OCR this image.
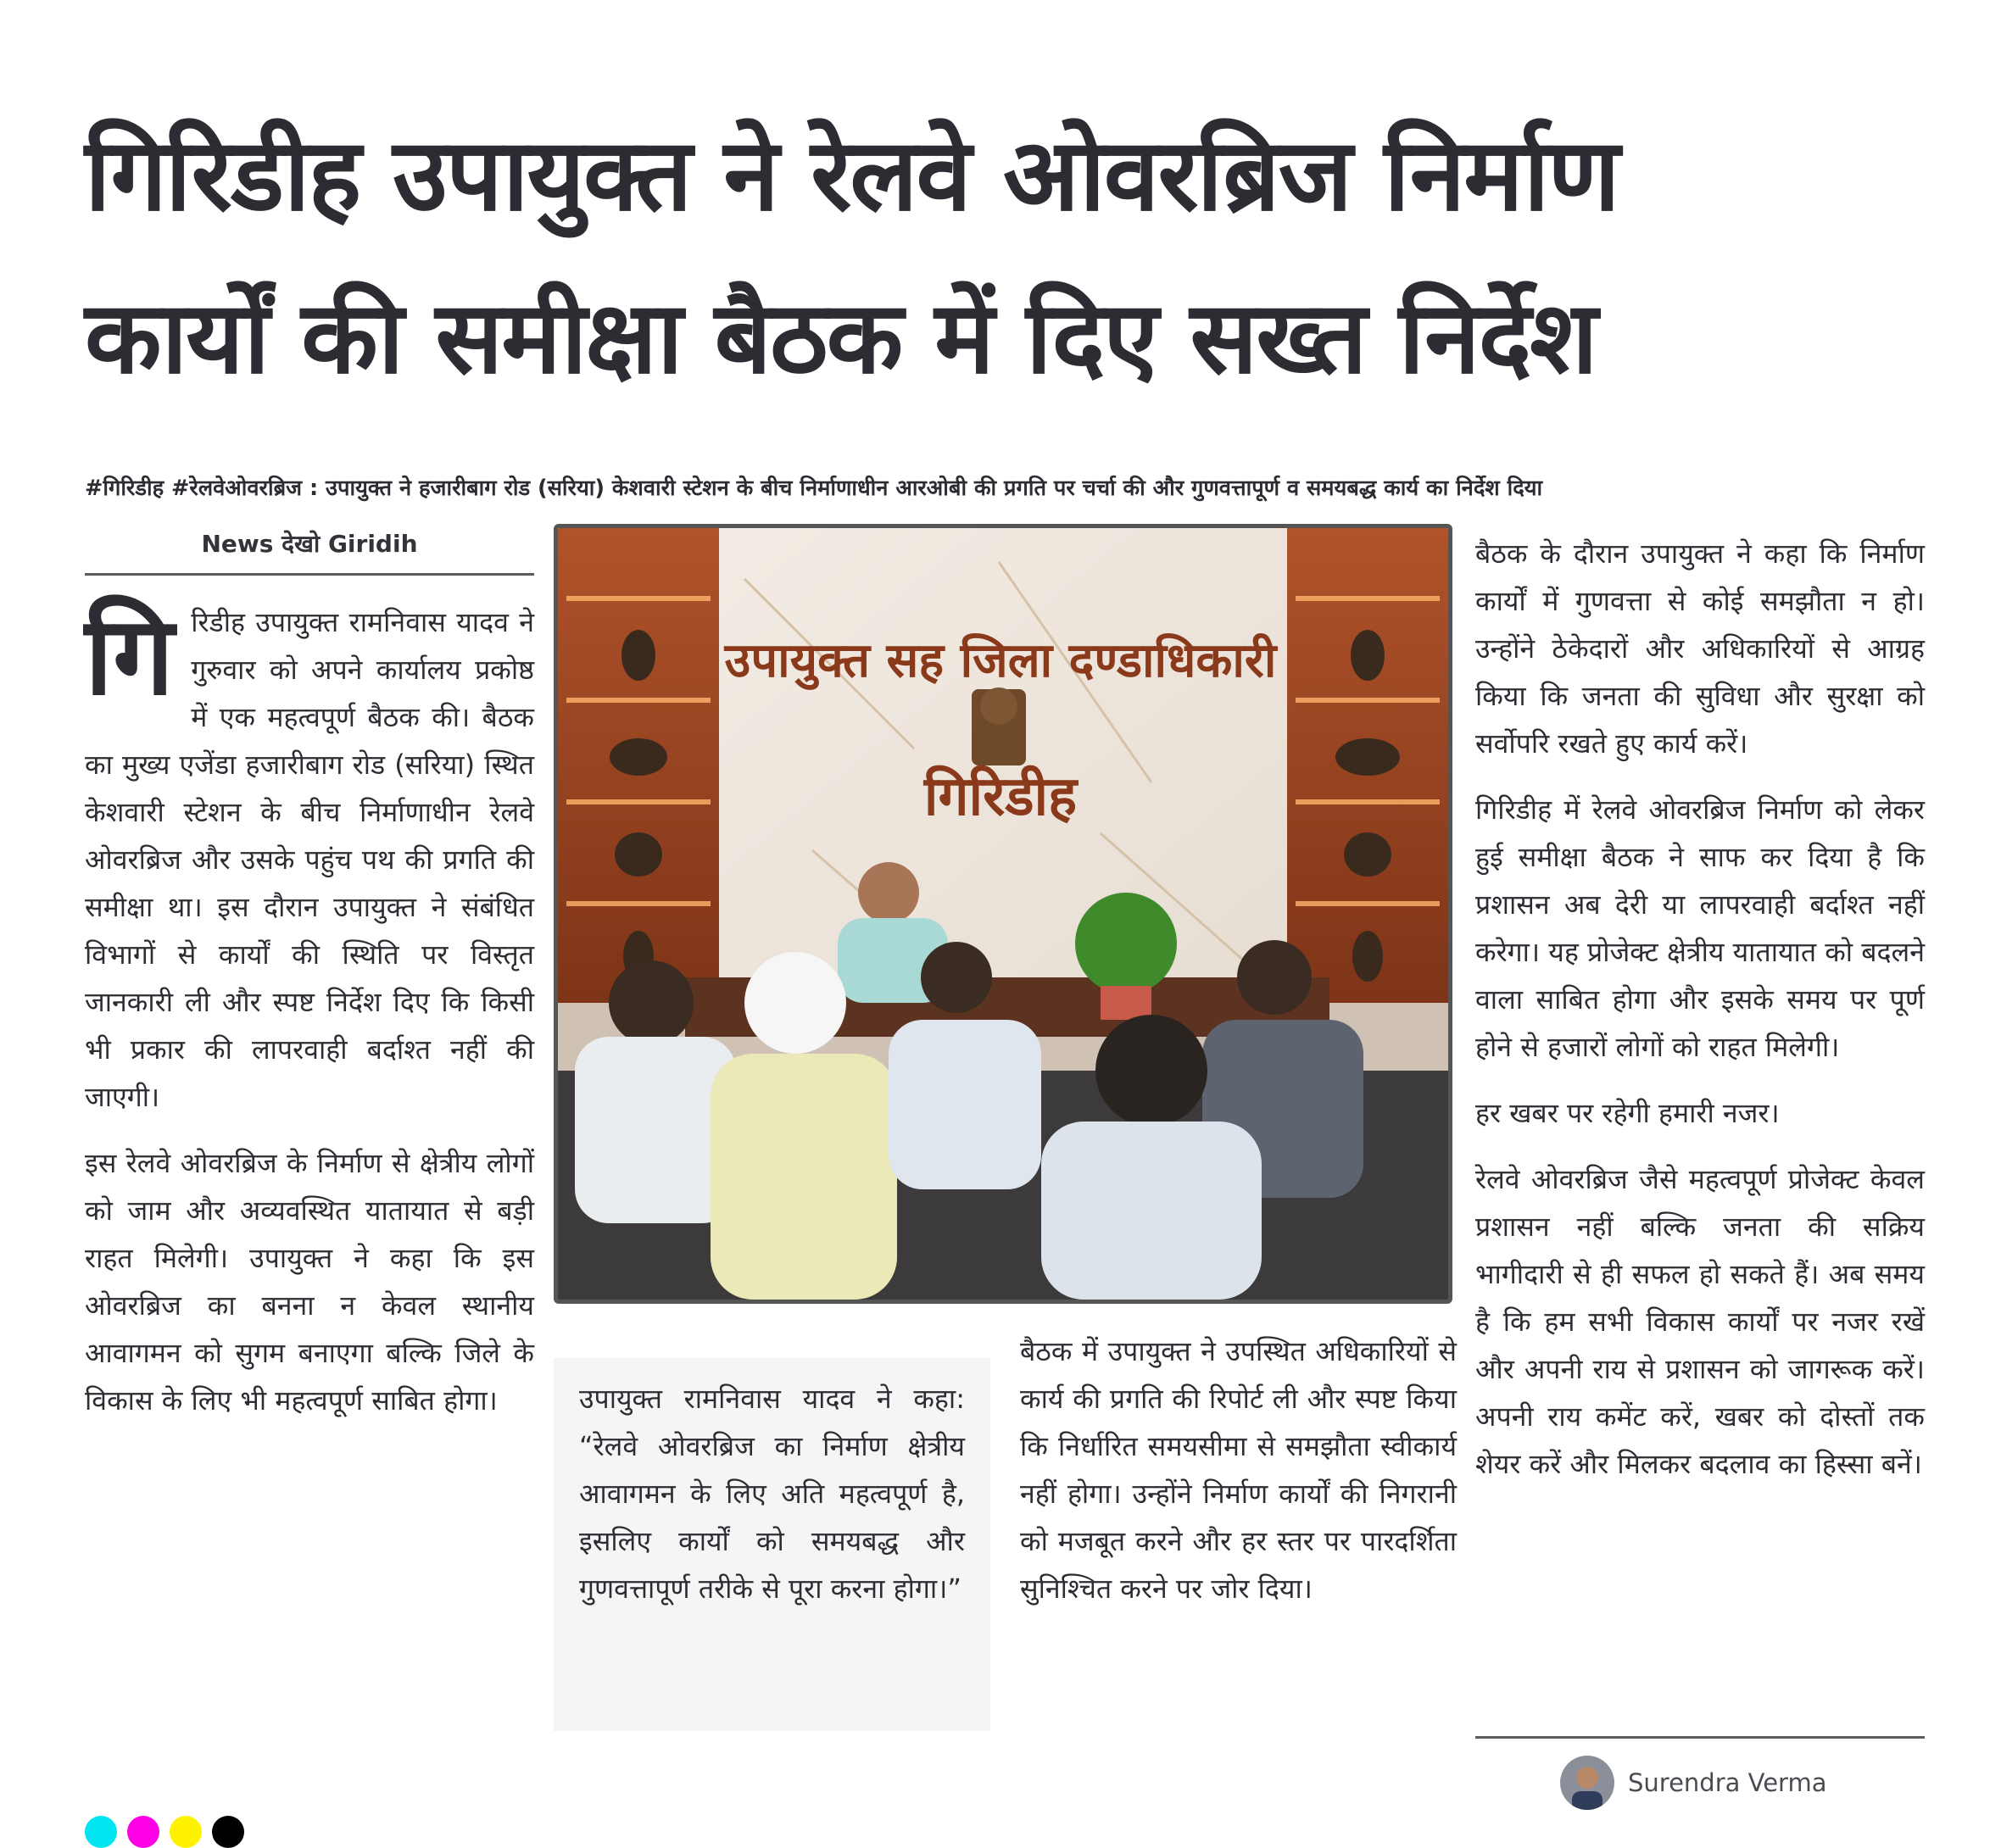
गिरिडीह उपायुक्त ने रेलवे ओवरब्रिज निर्माण
कार्यों की समीक्षा बैठक में दिए सख्त निर्देश
#गिरिडीह #रेलवेओवरब्रिज : उपायुक्त ने हजारीबाग रोड (सरिया) केशवारी स्टेशन के बीच निर्माणाधीन आरओबी की प्रगति पर चर्चा की और गुणवत्तापूर्ण व समयबद्ध कार्य का निर्देश दिया
News देखो Giridih

गिरिडीह उपायुक्त रामनिवास यादव ने गुरुवार को अपने कार्यालय प्रकोष्ठ में एक महत्वपूर्ण बैठक की। बैठक का मुख्य एजेंडा हजारीबाग रोड (सरिया) स्थित केशवारी स्टेशन के बीच निर्माणाधीन रेलवे ओवरब्रिज और उसके पहुंच पथ की प्रगति की समीक्षा था। इस दौरान उपायुक्त ने संबंधित विभागों से कार्यों की स्थिति पर विस्तृत जानकारी ली और स्पष्ट निर्देश दिए कि किसी भी प्रकार की लापरवाही बर्दाश्त नहीं की जाएगी।

इस रेलवे ओवरब्रिज के निर्माण से क्षेत्रीय लोगों को जाम और अव्यवस्थित यातायात से बड़ी राहत मिलेगी। उपायुक्त ने कहा कि इस ओवरब्रिज का बनना न केवल स्थानीय आवागमन को सुगम बनाएगा बल्कि जिले के विकास के लिए भी महत्वपूर्ण साबित होगा।

उपायुक्त सह जिला दण्डाधिकारी
गिरिडीह

उपायुक्त रामनिवास यादव ने कहा: “रेलवे ओवरब्रिज का निर्माण क्षेत्रीय आवागमन के लिए अति महत्वपूर्ण है, इसलिए कार्यों को समयबद्ध और गुणवत्तापूर्ण तरीके से पूरा करना होगा।”

बैठक में उपायुक्त ने उपस्थित अधिकारियों से कार्य की प्रगति की रिपोर्ट ली और स्पष्ट किया कि निर्धारित समयसीमा से समझौता स्वीकार्य नहीं होगा। उन्होंने निर्माण कार्यों की निगरानी को मजबूत करने और हर स्तर पर पारदर्शिता सुनिश्चित करने पर जोर दिया।

बैठक के दौरान उपायुक्त ने कहा कि निर्माण कार्यों में गुणवत्ता से कोई समझौता न हो। उन्होंने ठेकेदारों और अधिकारियों से आग्रह किया कि जनता की सुविधा और सुरक्षा को सर्वोपरि रखते हुए कार्य करें।

गिरिडीह में रेलवे ओवरब्रिज निर्माण को लेकर हुई समीक्षा बैठक ने साफ कर दिया है कि प्रशासन अब देरी या लापरवाही बर्दाश्त नहीं करेगा। यह प्रोजेक्ट क्षेत्रीय यातायात को बदलने वाला साबित होगा और इसके समय पर पूर्ण होने से हजारों लोगों को राहत मिलेगी।

हर खबर पर रहेगी हमारी नजर।

रेलवे ओवरब्रिज जैसे महत्वपूर्ण प्रोजेक्ट केवल प्रशासन नहीं बल्कि जनता की सक्रिय भागीदारी से ही सफल हो सकते हैं। अब समय है कि हम सभी विकास कार्यों पर नजर रखें और अपनी राय से प्रशासन को जागरूक करें। अपनी राय कमेंट करें, खबर को दोस्तों तक शेयर करें और मिलकर बदलाव का हिस्सा बनें।

Surendra Verma
